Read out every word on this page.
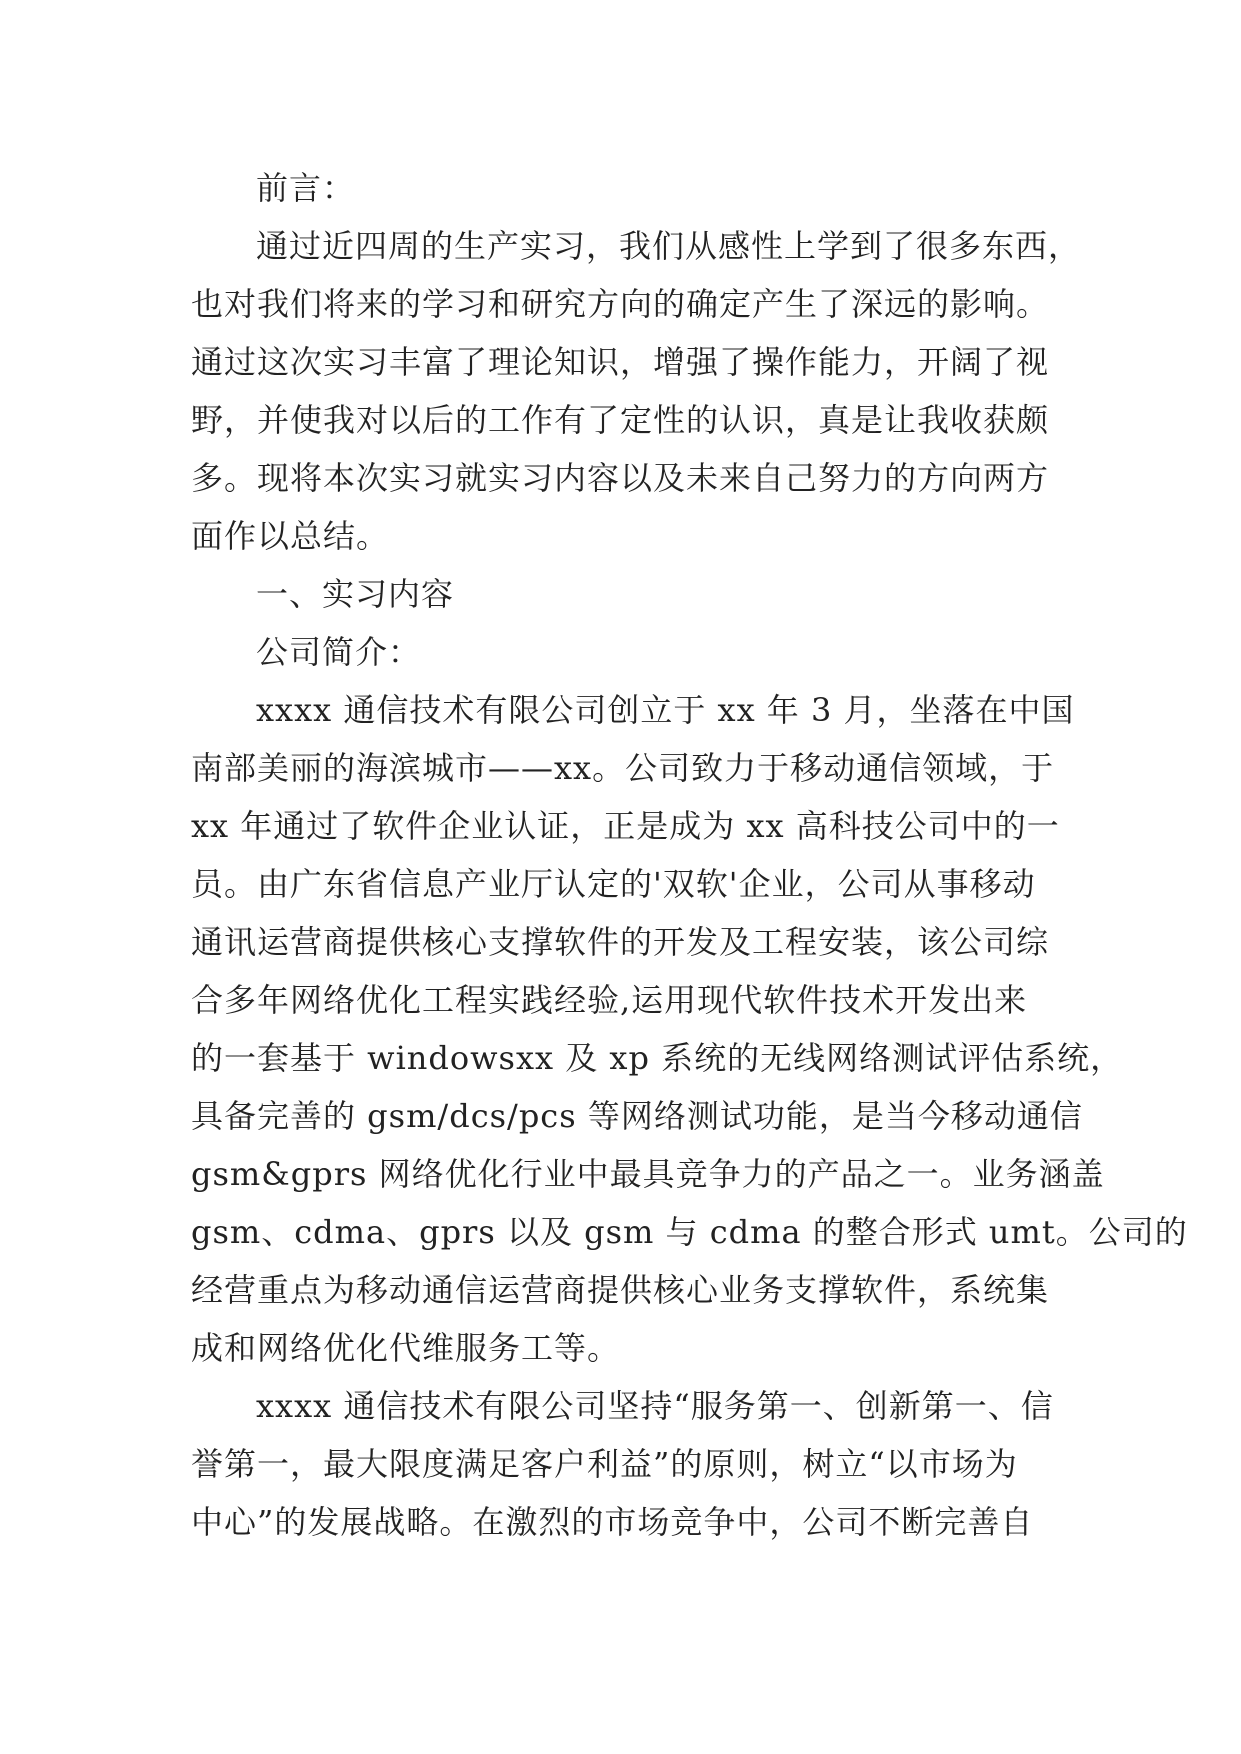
前言：
通过近四周的生产实习，我们从感性上学到了很多东西，
也对我们将来的学习和研究方向的确定产生了深远的影响。
通过这次实习丰富了理论知识，增强了操作能力，开阔了视
野，并使我对以后的工作有了定性的认识，真是让我收获颇
多。现将本次实习就实习内容以及未来自己努力的方向两方
面作以总结。
一、实习内容
公司简介：
xxxx 通信技术有限公司创立于 xx 年 3 月，坐落在中国
南部美丽的海滨城市——xx。公司致力于移动通信领域，于
xx 年通过了软件企业认证，正是成为 xx 高科技公司中的一
员。由广东省信息产业厅认定的'双软'企业，公司从事移动
通讯运营商提供核心支撑软件的开发及工程安装，该公司综
合多年网络优化工程实践经验,运用现代软件技术开发出来
的一套基于 windowsxx 及 xp 系统的无线网络测试评估系统，
具备完善的 gsm/dcs/pcs 等网络测试功能，是当今移动通信
gsm&gprs 网络优化行业中最具竞争力的产品之一。业务涵盖
gsm、cdma、gprs 以及 gsm 与 cdma 的整合形式 umt。公司的
经营重点为移动通信运营商提供核心业务支撑软件，系统集
成和网络优化代维服务工等。
xxxx 通信技术有限公司坚持“服务第一、创新第一、信
誉第一，最大限度满足客户利益”的原则，树立“以市场为
中心”的发展战略。在激烈的市场竞争中，公司不断完善自
